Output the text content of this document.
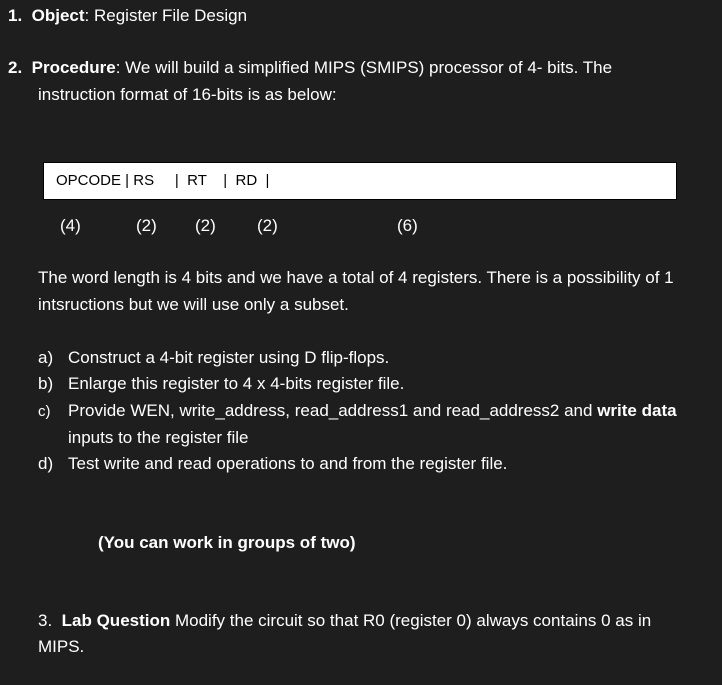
1. Object: Register File Design
2. Procedure: We will build a simplified MIPS (SMIPS) processor of 4- bits. The
instruction format of 16-bits is as below:
OPCODE | RS     |  RT    |  RD  |
(4)	(2) (2) (2)	(6)
The word length is 4 bits and we have a total of 4 registers. There is a possibility of 1
intsructions but we will use only a subset.
a) Construct a 4-bit register using D flip-flops.
b) Enlarge this register to 4 x 4-bits register file.
c) Provide WEN, write_address, read_address1 and read_address2 and write data
inputs to the register file
d) Test write and read operations to and from the register file.
(You can work in groups of two)
3. Lab Question Modify the circuit so that R0 (register 0) always contains 0 as in
MIPS.
